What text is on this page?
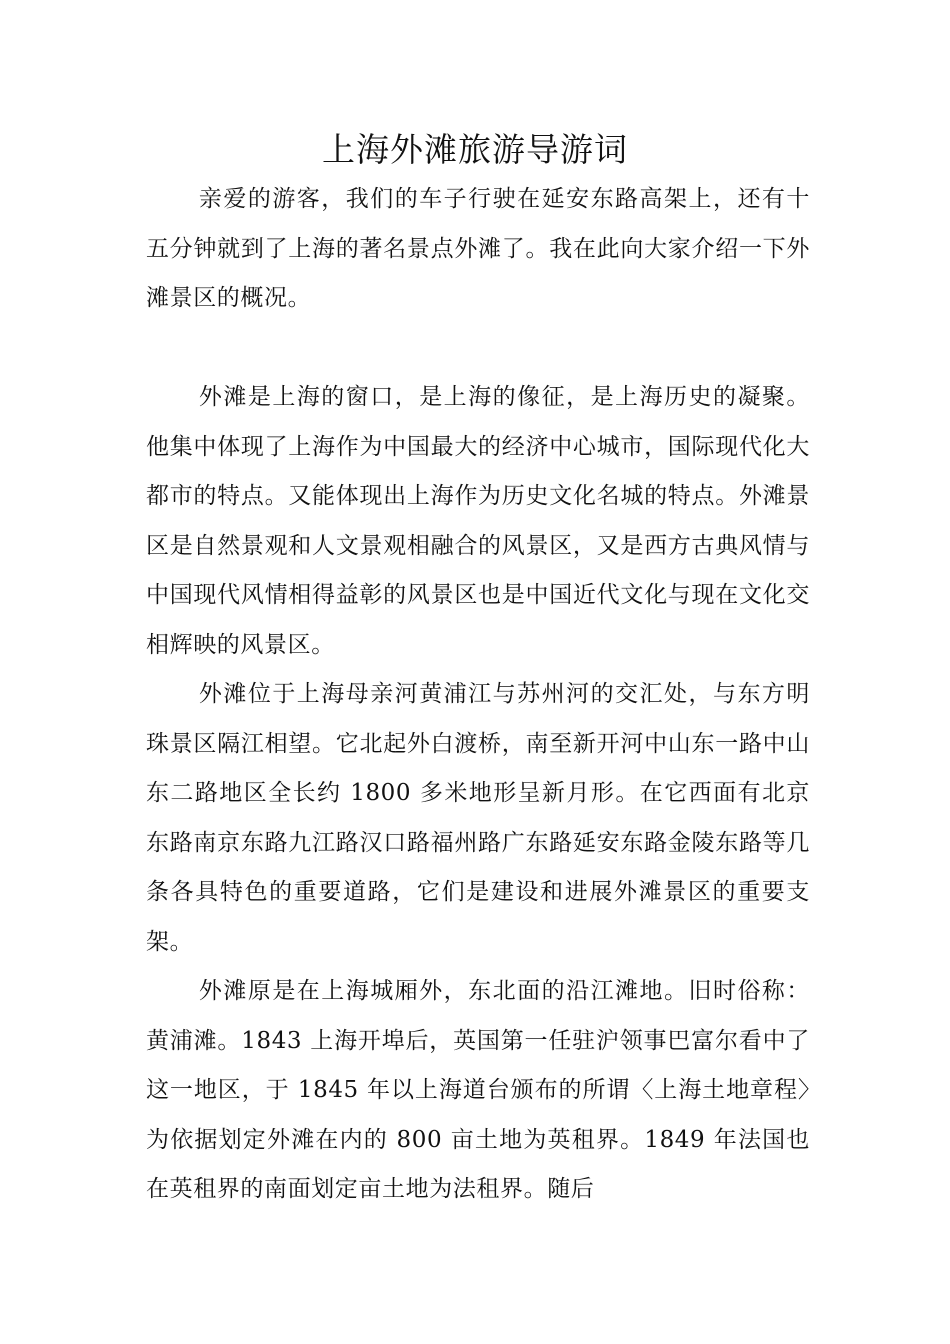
上海外滩旅游导游词

亲爱的游客，我们的车子行驶在延安东路高架上，还有十五分钟就到了上海的著名景点外滩了。我在此向大家介绍一下外滩景区的概况。

外滩是上海的窗口，是上海的像征，是上海历史的凝聚。他集中体现了上海作为中国最大的经济中心城市，国际现代化大都市的特点。又能体现出上海作为历史文化名城的特点。外滩景区是自然景观和人文景观相融合的风景区，又是西方古典风情与中国现代风情相得益彰的风景区也是中国近代文化与现在文化交相辉映的风景区。

外滩位于上海母亲河黄浦江与苏州河的交汇处，与东方明珠景区隔江相望。它北起外白渡桥，南至新开河中山东一路中山东二路地区全长约 1800 多米地形呈新月形。在它西面有北京东路南京东路九江路汉口路福州路广东路延安东路金陵东路等几条各具特色的重要道路，它们是建设和进展外滩景区的重要支架。

外滩原是在上海城厢外，东北面的沿江滩地。旧时俗称：黄浦滩。1843 上海开埠后，英国第一任驻沪领事巴富尔看中了这一地区，于 1845 年以上海道台颁布的所谓〈上海土地章程〉为依据划定外滩在内的 800 亩土地为英租界。1849 年法国也在英租界的南面划定亩土地为法租界。随后
